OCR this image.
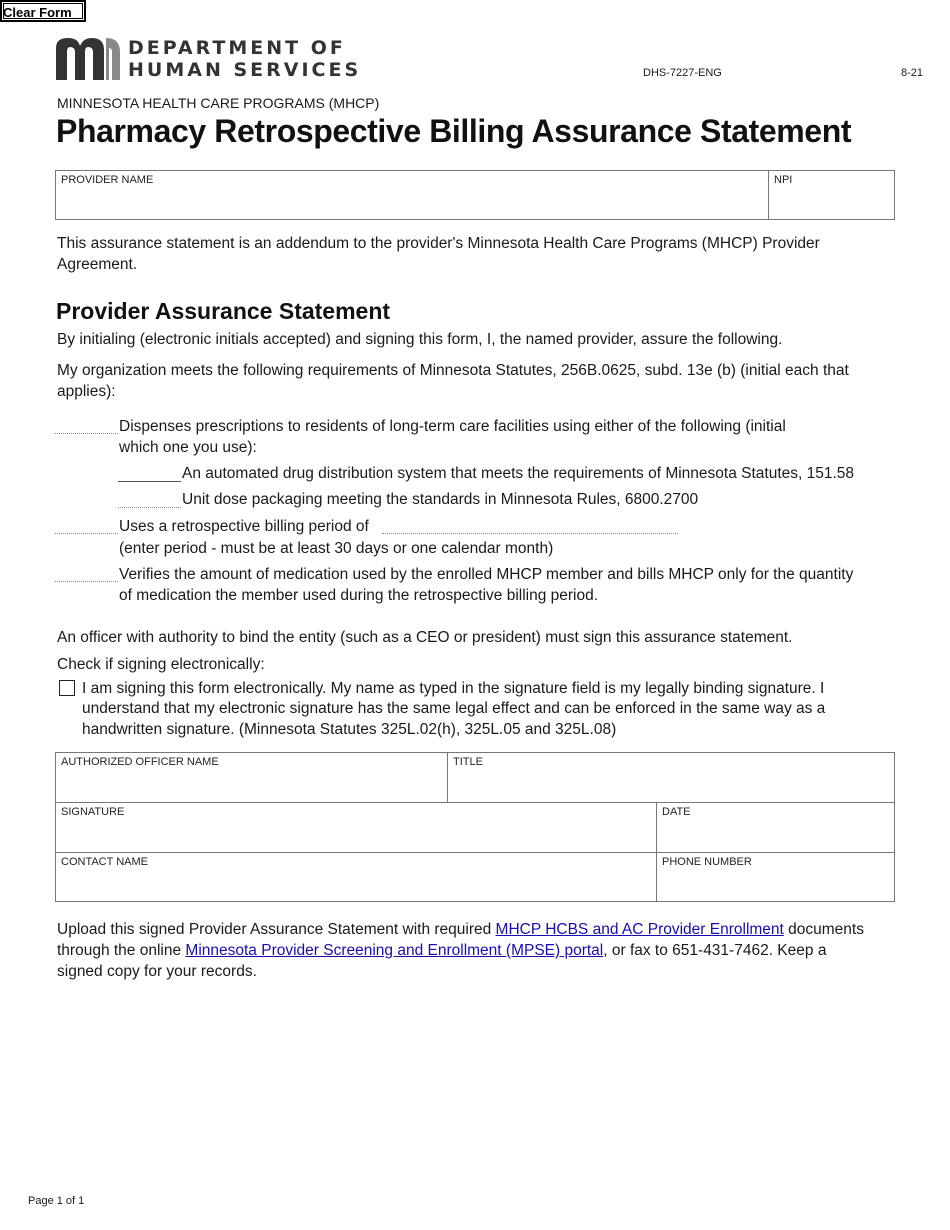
Clear Form
DEPARTMENT OF
HUMAN SERVICES	DHS-7227-ENG	8-21
MINNESOTA HEALTH CARE PROGRAMS (MHCP)
Pharmacy Retrospective Billing Assurance Statement
PROVIDER NAME	NPI
This assurance statement is an addendum to the provider's Minnesota Health Care Programs (MHCP) Provider Agreement.
Provider Assurance Statement
By initialing (electronic initials accepted) and signing this form, I, the named provider, assure the following.
My organization meets the following requirements of Minnesota Statutes, 256B.0625, subd. 13e (b) (initial each that applies):
Dispenses prescriptions to residents of long-term care facilities using either of the following (initial
which one you use):
An automated drug distribution system that meets the requirements of Minnesota Statutes, 151.58
Unit dose packaging meeting the standards in Minnesota Rules, 6800.2700
Uses a retrospective billing period of
(enter period - must be at least 30 days or one calendar month)
Verifies the amount of medication used by the enrolled MHCP member and bills MHCP only for the quantity
of medication the member used during the retrospective billing period.
An officer with authority to bind the entity (such as a CEO or president) must sign this assurance statement.
Check if signing electronically:
I am signing this form electronically. My name as typed in the signature field is my legally binding signature. I
understand that my electronic signature has the same legal effect and can be enforced in the same way as a
handwritten signature. (Minnesota Statutes 325L.02(h), 325L.05 and 325L.08)
AUTHORIZED OFFICER NAME	TITLE
SIGNATURE	DATE
CONTACT NAME	PHONE NUMBER
Upload this signed Provider Assurance Statement with required MHCP HCBS and AC Provider Enrollment documents
through the online Minnesota Provider Screening and Enrollment (MPSE) portal, or fax to 651-431-7462. Keep a
signed copy for your records.
Page 1 of 1
